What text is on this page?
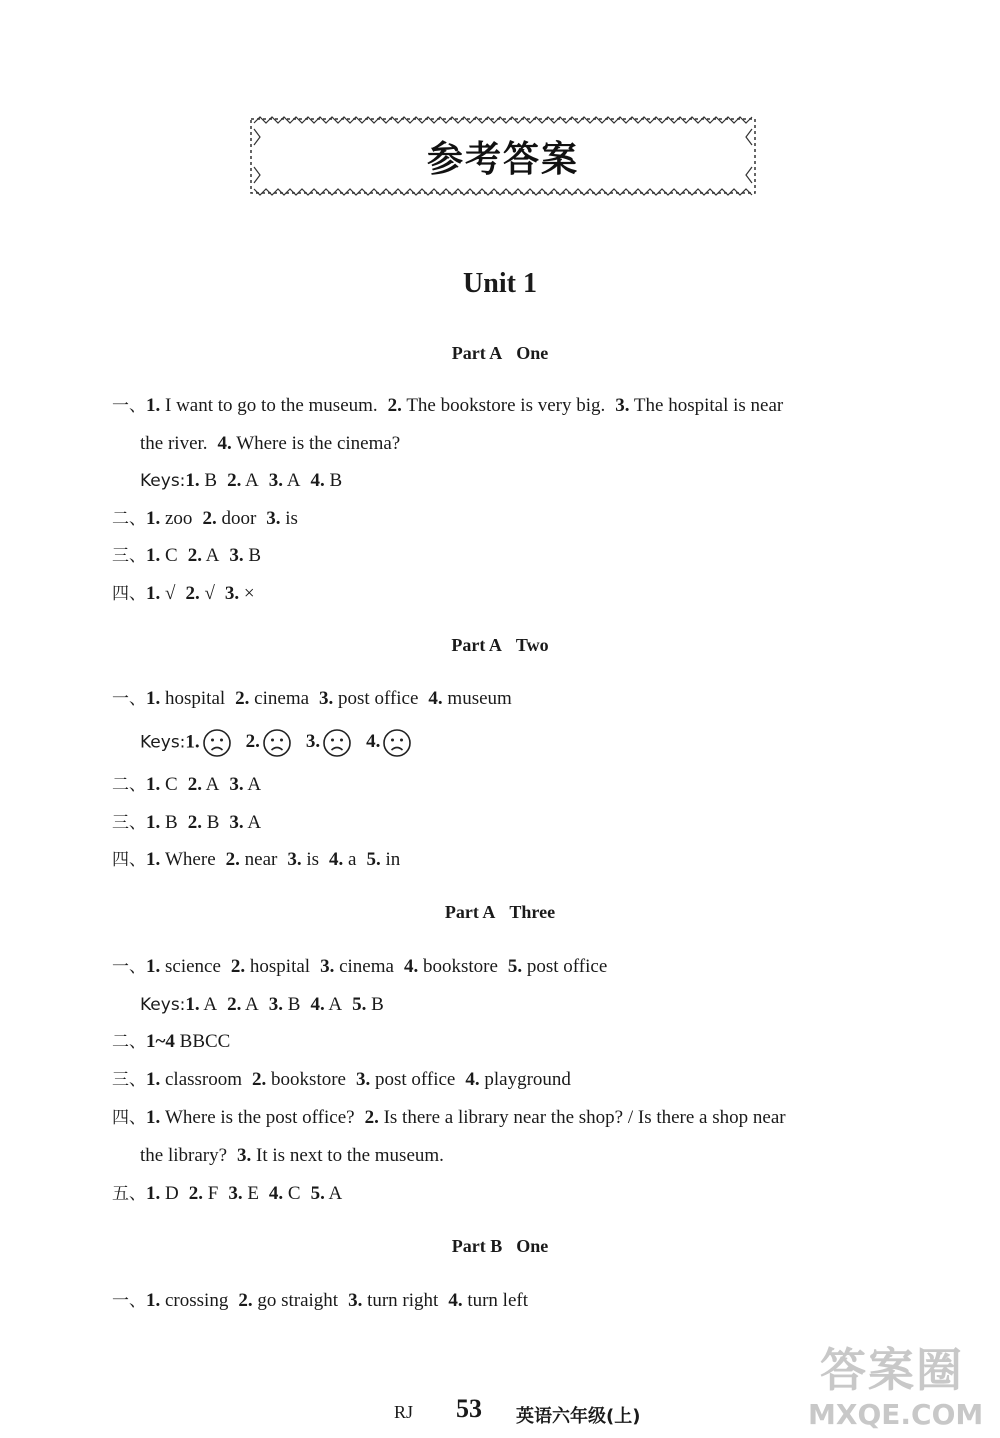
参考答案
Unit 1
Part A One
一、1. I want to go to the museum. 2. The bookstore is very big. 3. The hospital is near
the river. 4. Where is the cinema?
Keys:1. B 2. A 3. A 4. B
二、1. zoo 2. door 3. is
三、1. C 2. A 3. B
四、1. √ 2. √ 3. ×
Part A Two
一、1. hospital 2. cinema 3. post office 4. museum
Keys:1. 2. 3. 4.
二、1. C 2. A 3. A
三、1. B 2. B 3. A
四、1. Where 2. near 3. is 4. a 5. in
Part A Three
一、1. science 2. hospital 3. cinema 4. bookstore 5. post office
Keys:1. A 2. A 3. B 4. A 5. B
二、1~4 BBCC
三、1. classroom 2. bookstore 3. post office 4. playground
四、1. Where is the post office? 2. Is there a library near the shop? / Is there a shop near
the library? 3. It is next to the museum.
五、1. D 2. F 3. E 4. C 5. A
Part B One
一、1. crossing 2. go straight 3. turn right 4. turn left
RJ 53 英语六年级(上)
答案圈
MXQE.COM
